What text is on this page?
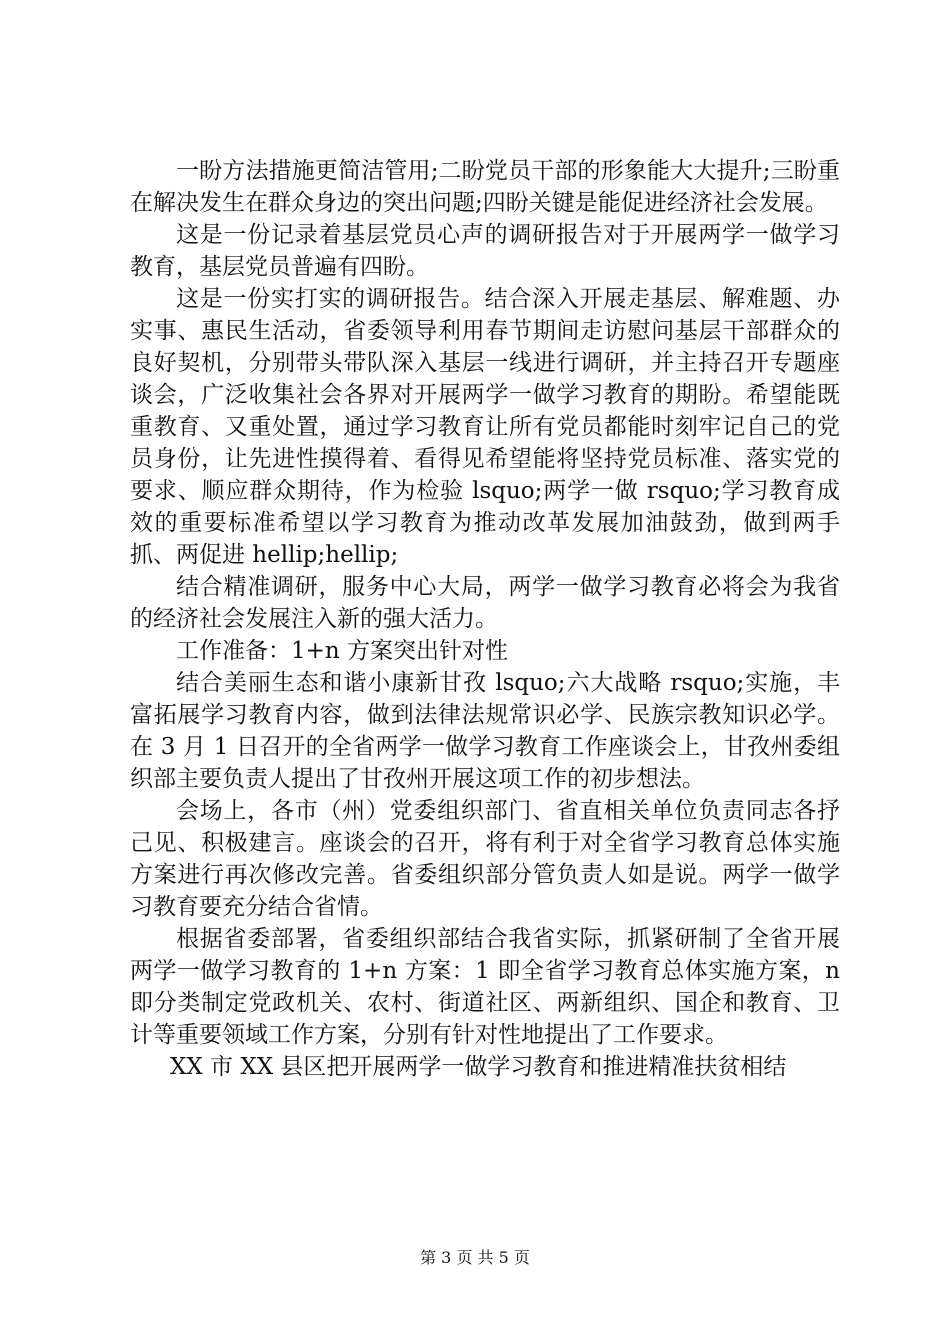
一盼方法措施更简洁管用;二盼党员干部的形象能大大提升;三盼重在解决发生在群众身边的突出问题;四盼关键是能促进经济社会发展。

这是一份记录着基层党员心声的调研报告对于开展两学一做学习教育，基层党员普遍有四盼。

这是一份实打实的调研报告。结合深入开展走基层、解难题、办实事、惠民生活动，省委领导利用春节期间走访慰问基层干部群众的良好契机，分别带头带队深入基层一线进行调研，并主持召开专题座谈会，广泛收集社会各界对开展两学一做学习教育的期盼。希望能既重教育、又重处置，通过学习教育让所有党员都能时刻牢记自己的党员身份，让先进性摸得着、看得见希望能将坚持党员标准、落实党的要求、顺应群众期待，作为检验 lsquo;两学一做 rsquo;学习教育成效的重要标准希望以学习教育为推动改革发展加油鼓劲，做到两手抓、两促进 hellip;hellip;

结合精准调研，服务中心大局，两学一做学习教育必将会为我省的经济社会发展注入新的强大活力。

工作准备：1+n 方案突出针对性

结合美丽生态和谐小康新甘孜 lsquo;六大战略 rsquo;实施，丰富拓展学习教育内容，做到法律法规常识必学、民族宗教知识必学。在 3 月 1 日召开的全省两学一做学习教育工作座谈会上，甘孜州委组织部主要负责人提出了甘孜州开展这项工作的初步想法。

会场上，各市（州）党委组织部门、省直相关单位负责同志各抒己见、积极建言。座谈会的召开，将有利于对全省学习教育总体实施方案进行再次修改完善。省委组织部分管负责人如是说。两学一做学习教育要充分结合省情。

根据省委部署，省委组织部结合我省实际，抓紧研制了全省开展两学一做学习教育的 1+n 方案：1 即全省学习教育总体实施方案，n 即分类制定党政机关、农村、街道社区、两新组织、国企和教育、卫计等重要领域工作方案，分别有针对性地提出了工作要求。

XX 市 XX 县区把开展两学一做学习教育和推进精准扶贫相结

第 3 页 共 5 页
